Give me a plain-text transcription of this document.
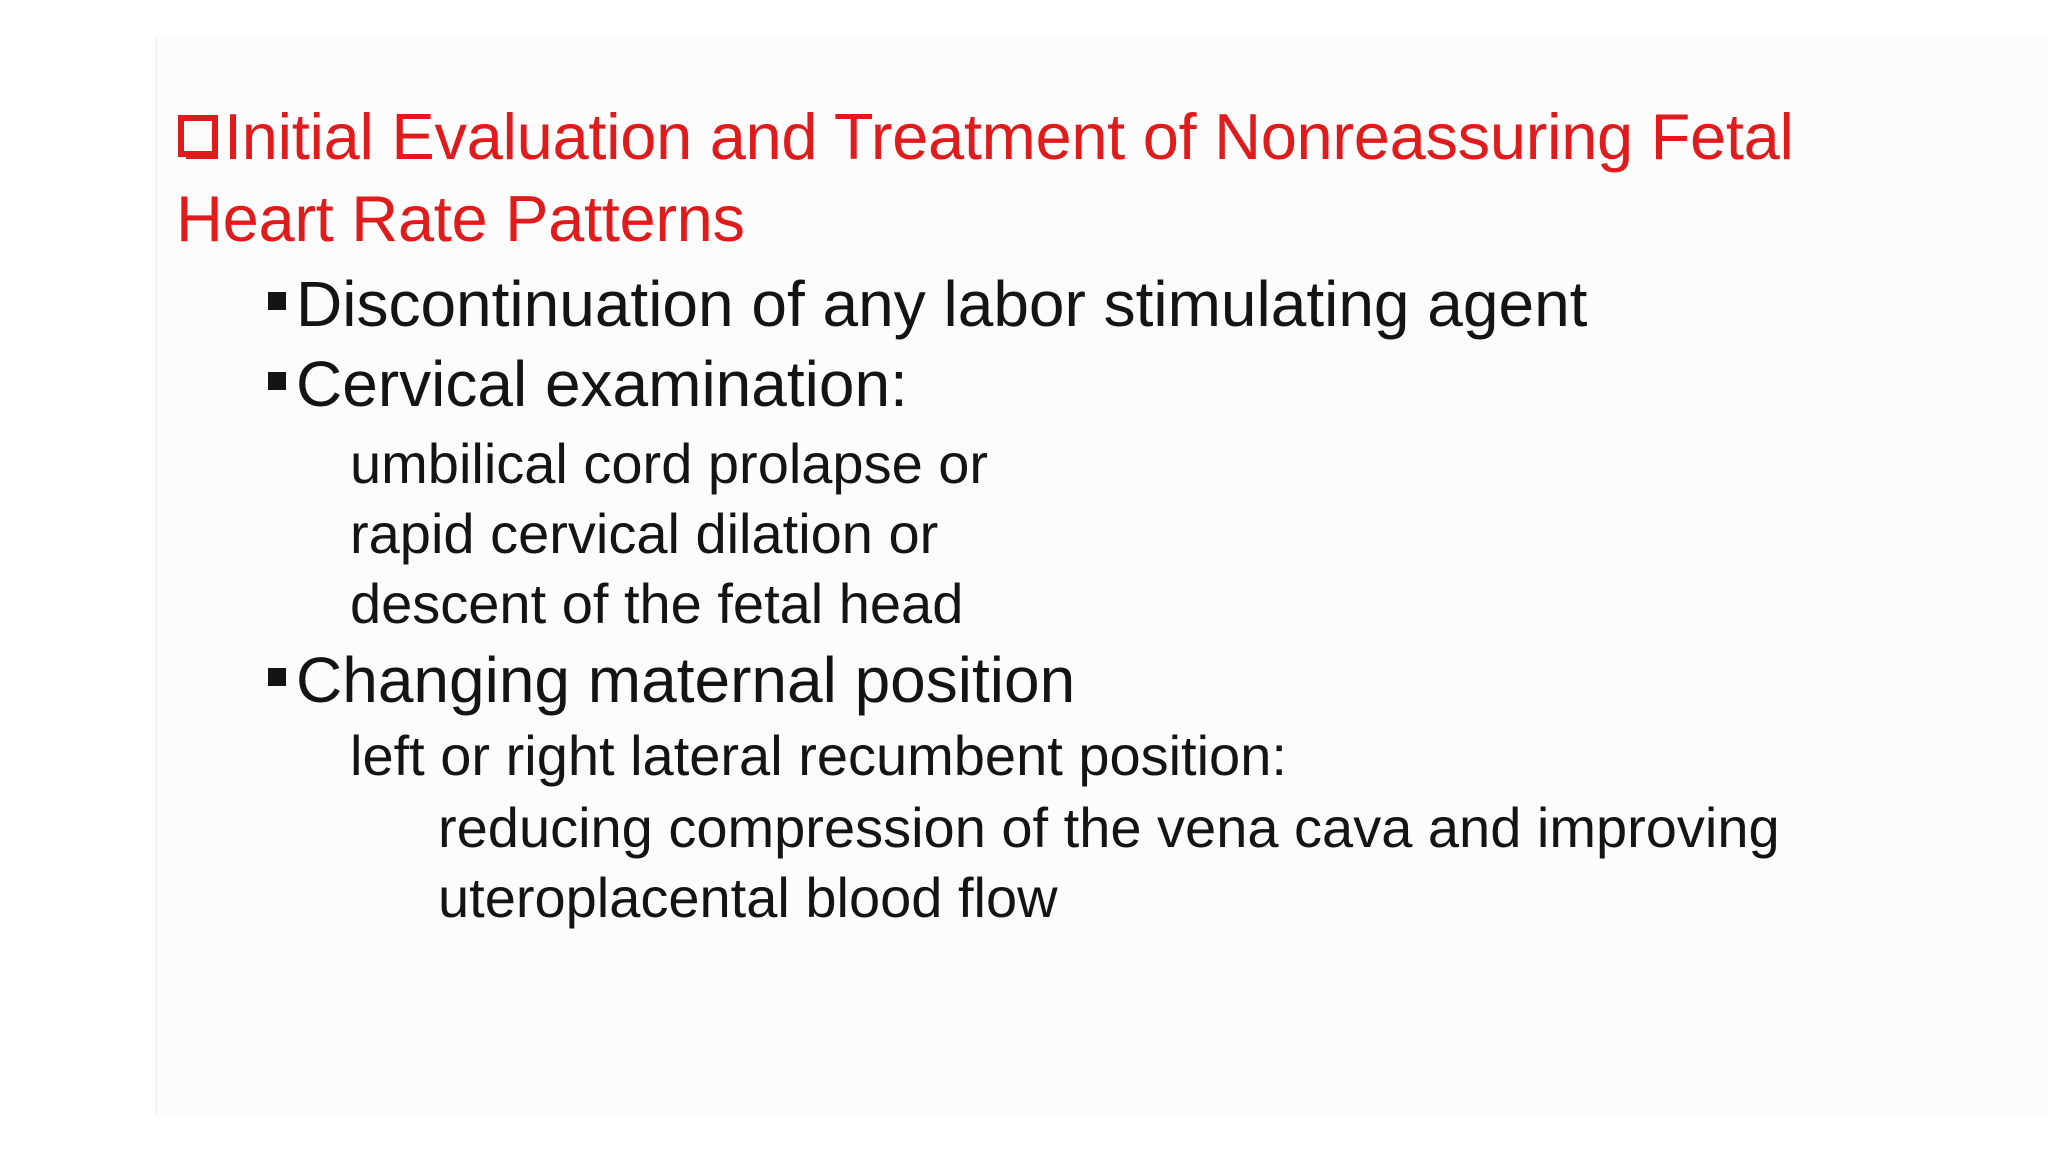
Initial Evaluation and Treatment of Nonreassuring Fetal Heart Rate Patterns
Discontinuation of any labor stimulating agent
Cervical examination:

umbilical cord prolapse or

rapid cervical dilation or

descent of the fetal head

Changing maternal position

left or right lateral recumbent position:

reducing compression of the vena cava and improving

uteroplacental blood flow
